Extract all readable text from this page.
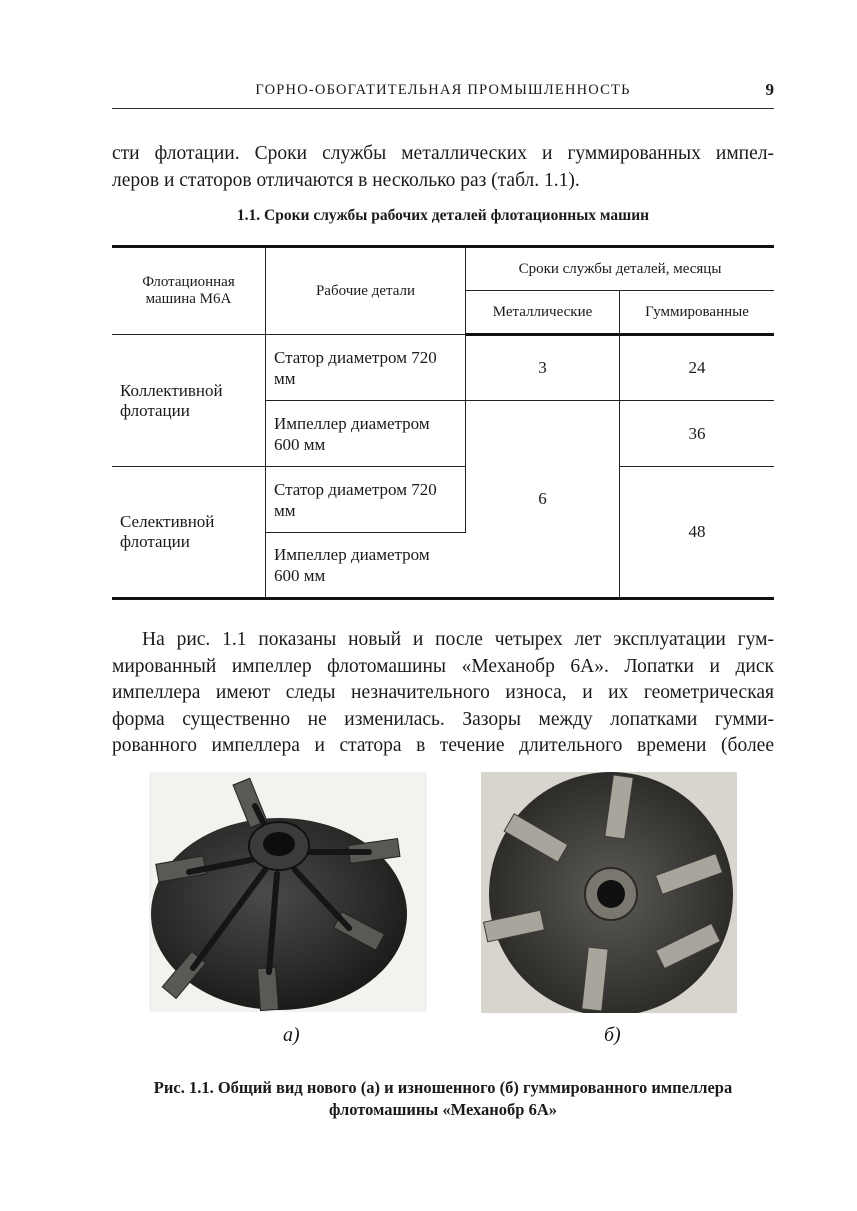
ГОРНО-ОБОГАТИТЕЛЬНАЯ ПРОМЫШЛЕННОСТЬ	9
сти флотации. Сроки службы металлических и гуммированных импел-
леров и статоров отличаются в несколько раз (табл. 1.1).
1.1. Сроки службы рабочих деталей флотационных машин
Флотационная машина М6А	Рабочие детали	Сроки службы деталей, месяцы	
		Металлические	Гуммированные
Коллективной флотации	Статор диаметром 720 мм	3	24
	Импеллер диаметром 600 мм	6	36
Селективной флотации	Статор диаметром 720 мм		48
	Импеллер диаметром 600 мм		
На рис. 1.1 показаны новый и после четырех лет эксплуатации гум-
мированный импеллер флотомашины «Механобр 6А». Лопатки и диск
импеллера имеют следы незначительного износа, и их геометрическая
форма существенно не изменилась. Зазоры между лопатками гумми-
рованного импеллера и статора в течение длительного времени (более
а)	б)
Рис. 1.1. Общий вид нового (а) и изношенного (б) гуммированного импеллера
флотомашины «Механобр 6А»
